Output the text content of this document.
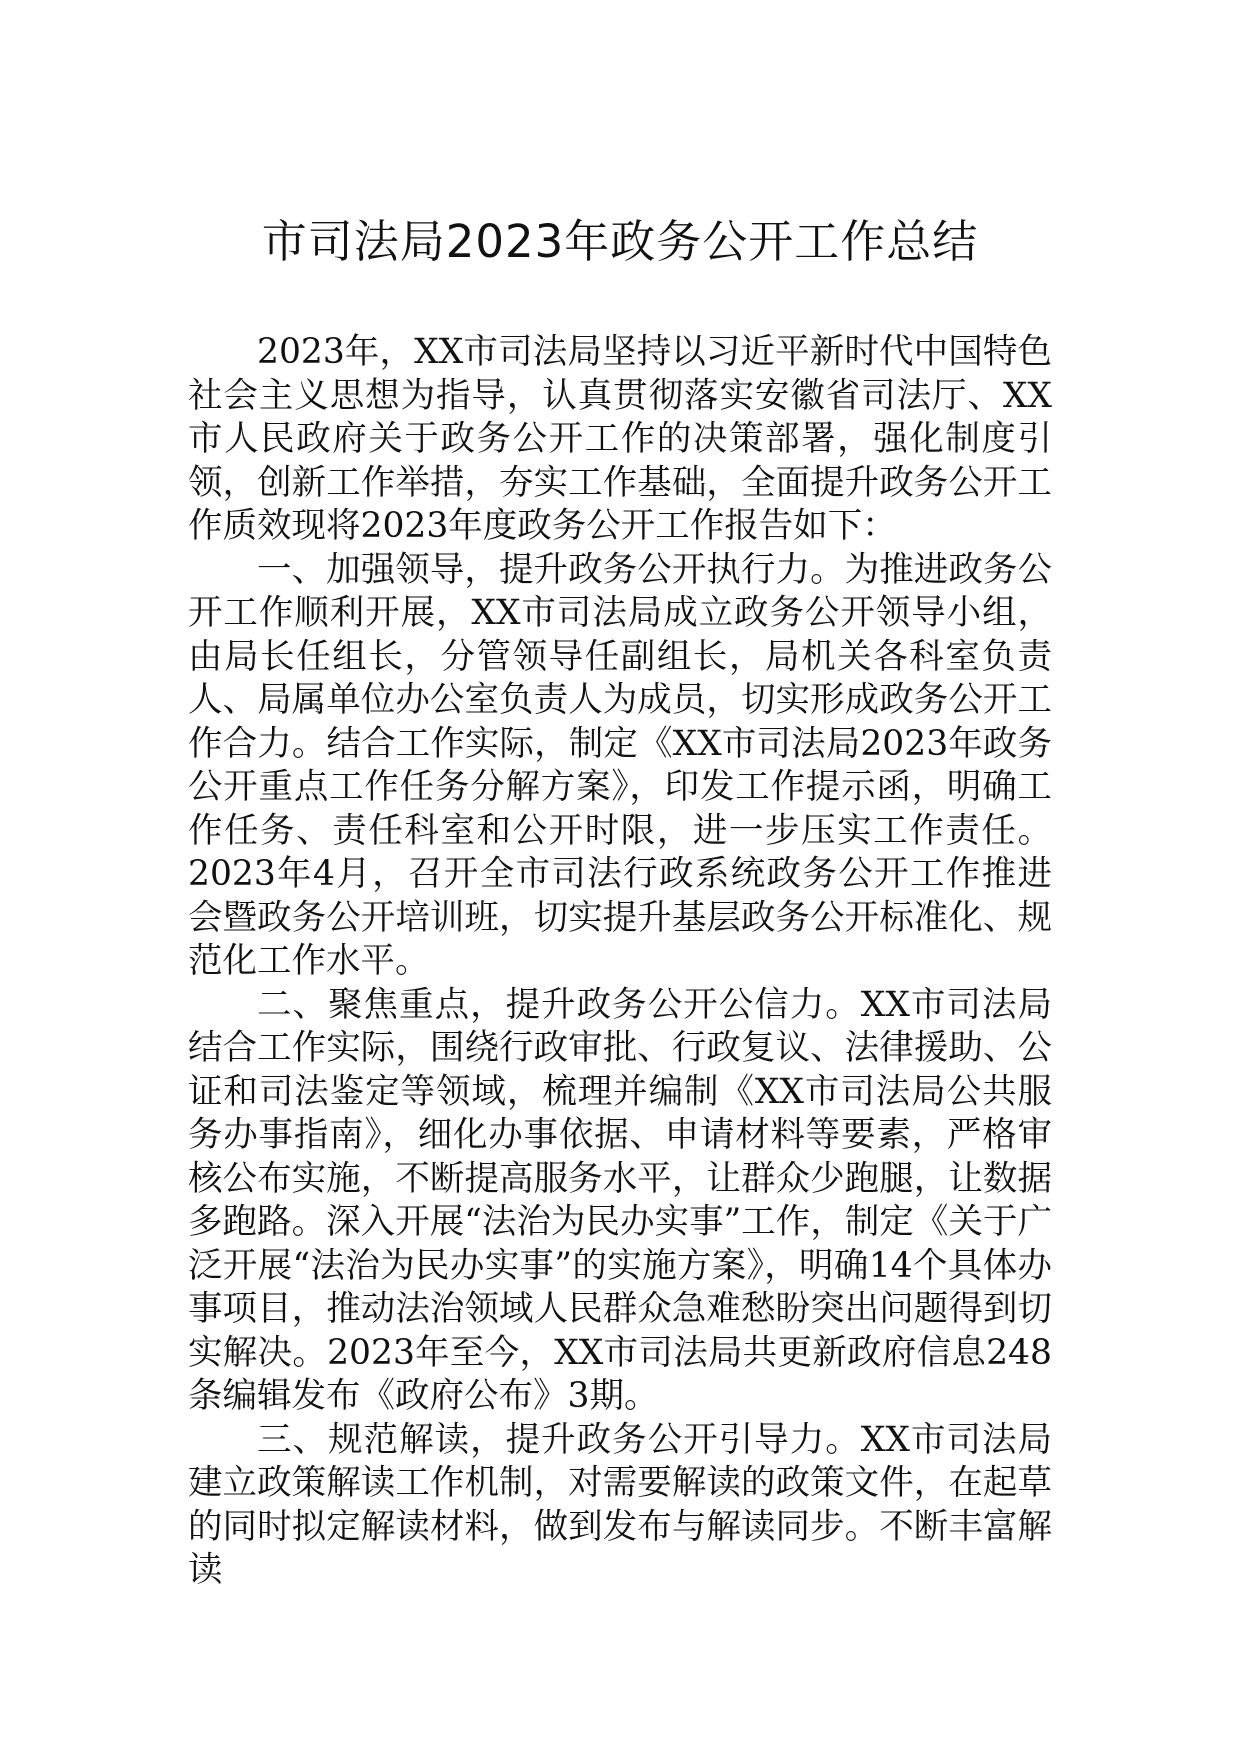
市司法局2023年政务公开工作总结

2023年，XX市司法局坚持以习近平新时代中国特色社会主义思想为指导，认真贯彻落实安徽省司法厅、XX市人民政府关于政务公开工作的决策部署，强化制度引领，创新工作举措，夯实工作基础，全面提升政务公开工作质效现将2023年度政务公开工作报告如下：

一、加强领导，提升政务公开执行力。为推进政务公开工作顺利开展，XX市司法局成立政务公开领导小组，由局长任组长，分管领导任副组长，局机关各科室负责人、局属单位办公室负责人为成员，切实形成政务公开工作合力。结合工作实际，制定《XX市司法局2023年政务公开重点工作任务分解方案》，印发工作提示函，明确工作任务、责任科室和公开时限，进一步压实工作责任。2023年4月，召开全市司法行政系统政务公开工作推进会暨政务公开培训班，切实提升基层政务公开标准化、规范化工作水平。

二、聚焦重点，提升政务公开公信力。XX市司法局结合工作实际，围绕行政审批、行政复议、法律援助、公证和司法鉴定等领域，梳理并编制《XX市司法局公共服务办事指南》，细化办事依据、申请材料等要素，严格审核公布实施，不断提高服务水平，让群众少跑腿，让数据多跑路。深入开展“法治为民办实事”工作，制定《关于广泛开展“法治为民办实事”的实施方案》，明确14个具体办事项目，推动法治领域人民群众急难愁盼突出问题得到切实解决。2023年至今，XX市司法局共更新政府信息248条编辑发布《政府公布》3期。

三、规范解读，提升政务公开引导力。XX市司法局建立政策解读工作机制，对需要解读的政策文件，在起草的同时拟定解读材料，做到发布与解读同步。不断丰富解读
